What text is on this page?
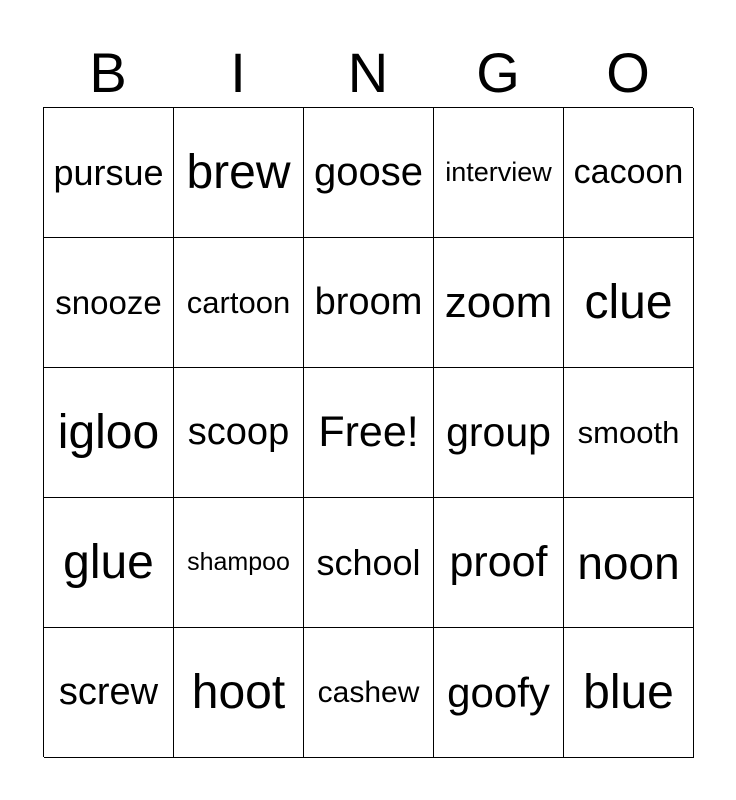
B	I	N	G	O
pursue brew goose interview cacoon
snooze cartoon broom zoom clue
igloo scoop Free! group smooth
glue shampoo school proof noon
screw hoot cashew goofy blue
